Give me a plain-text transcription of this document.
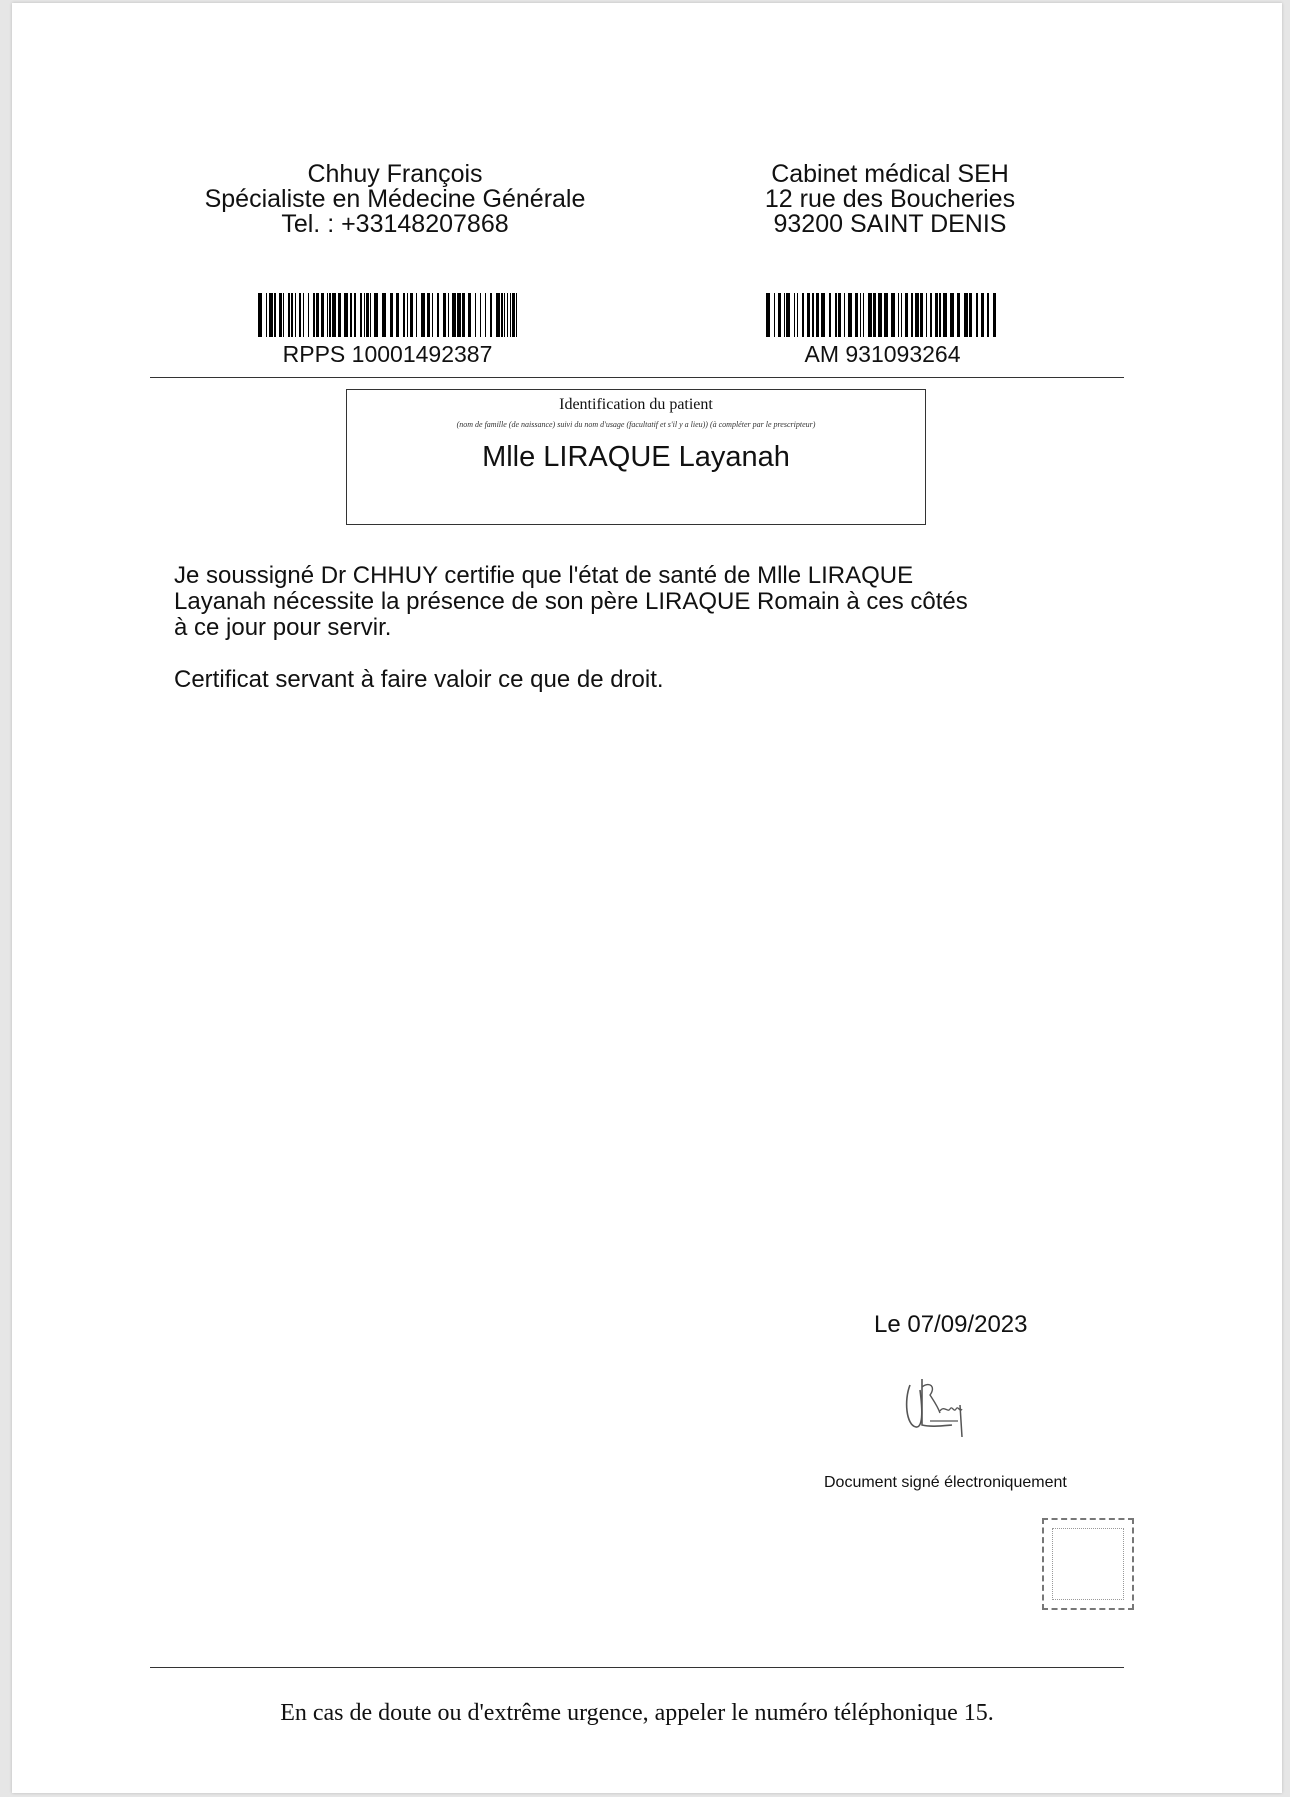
Chhuy François
Spécialiste en Médecine Générale
Tel. : +33148207868
Cabinet médical SEH
12 rue des Boucheries
93200 SAINT DENIS
RPPS 10001492387	AM 931093264
Identification du patient
(nom de famille (de naissance) suivi du nom d'usage (facultatif et s'il y a lieu)) (à compléter par le prescripteur)
Mlle LIRAQUE Layanah
Je soussigné Dr CHHUY certifie que l'état de santé de Mlle LIRAQUE
Layanah nécessite la présence de son père LIRAQUE Romain à ces côtés
à ce jour pour servir.
Certificat servant à faire valoir ce que de droit.
Le 07/09/2023
Document signé électroniquement
En cas de doute ou d'extrême urgence, appeler le numéro téléphonique 15.
